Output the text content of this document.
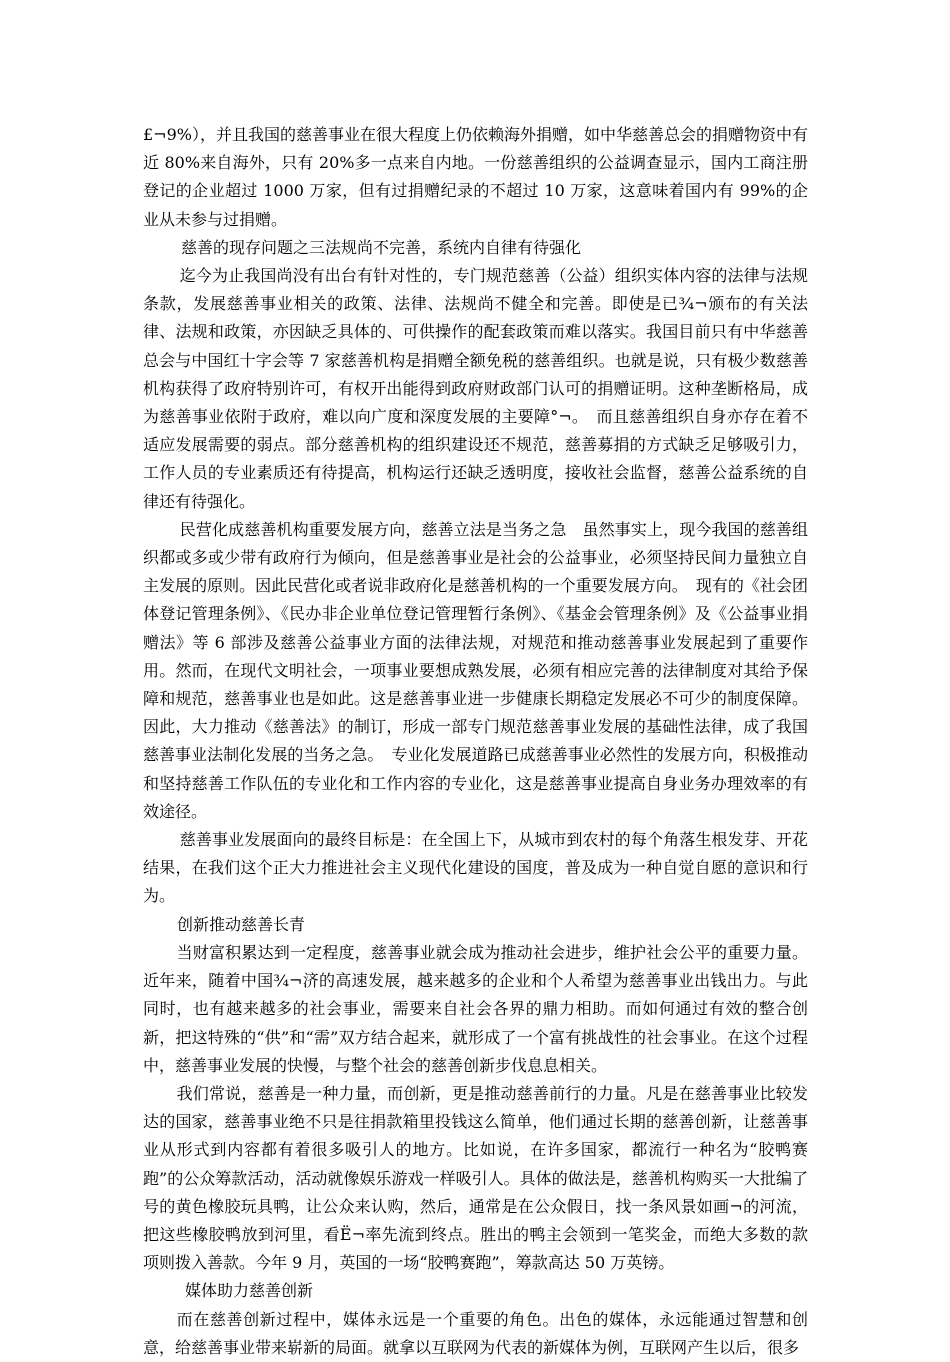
£¬9%），并且我国的慈善事业在很大程度上仍依赖海外捐赠，如中华慈善总会的捐赠物资中有近 80%来自海外，只有 20%多一点来自内地。一份慈善组织的公益调查显示，国内工商注册登记的企业超过 1000 万家，但有过捐赠纪录的不超过 10 万家，这意味着国内有 99%的企业从未参与过捐赠。

慈善的现存问题之三法规尚不完善，系统内自律有待强化

迄今为止我国尚没有出台有针对性的，专门规范慈善（公益）组织实体内容的法律与法规条款，发展慈善事业相关的政策、法律、法规尚不健全和完善。即使是已¾¬颁布的有关法律、法规和政策，亦因缺乏具体的、可供操作的配套政策而难以落实。我国目前只有中华慈善总会与中国红十字会等 7 家慈善机构是捐赠全额免税的慈善组织。也就是说，只有极少数慈善机构获得了政府特别许可，有权开出能得到政府财政部门认可的捐赠证明。这种垄断格局，成为慈善事业依附于政府，难以向广度和深度发展的主要障°¬。　而且慈善组织自身亦存在着不适应发展需要的弱点。部分慈善机构的组织建设还不规范，慈善募捐的方式缺乏足够吸引力，工作人员的专业素质还有待提高，机构运行还缺乏透明度，接收社会监督，慈善公益系统的自律还有待强化。

民营化成慈善机构重要发展方向，慈善立法是当务之急　虽然事实上，现今我国的慈善组织都或多或少带有政府行为倾向，但是慈善事业是社会的公益事业，必须坚持民间力量独立自主发展的原则。因此民营化或者说非政府化是慈善机构的一个重要发展方向。　现有的《社会团体登记管理条例》、《民办非企业单位登记管理暂行条例》、《基金会管理条例》及《公益事业捐赠法》等 6 部涉及慈善公益事业方面的法律法规，对规范和推动慈善事业发展起到了重要作用。然而，在现代文明社会，一项事业要想成熟发展，必须有相应完善的法律制度对其给予保障和规范，慈善事业也是如此。这是慈善事业进一步健康长期稳定发展必不可少的制度保障。因此，大力推动《慈善法》的制订，形成一部专门规范慈善事业发展的基础性法律，成了我国慈善事业法制化发展的当务之急。　专业化发展道路已成慈善事业必然性的发展方向，积极推动和坚持慈善工作队伍的专业化和工作内容的专业化，这是慈善事业提高自身业务办理效率的有效途径。

慈善事业发展面向的最终目标是：在全国上下，从城市到农村的每个角落生根发芽、开花结果，在我们这个正大力推进社会主义现代化建设的国度，普及成为一种自觉自愿的意识和行为。

创新推动慈善长青

当财富积累达到一定程度，慈善事业就会成为推动社会进步，维护社会公平的重要力量。近年来，随着中国¾¬济的高速发展，越来越多的企业和个人希望为慈善事业出钱出力。与此同时，也有越来越多的社会事业，需要来自社会各界的鼎力相助。而如何通过有效的整合创新，把这特殊的“供”和“需”双方结合起来，就形成了一个富有挑战性的社会事业。在这个过程中，慈善事业发展的快慢，与整个社会的慈善创新步伐息息相关。

我们常说，慈善是一种力量，而创新，更是推动慈善前行的力量。凡是在慈善事业比较发达的国家，慈善事业绝不只是往捐款箱里投钱这么简单，他们通过长期的慈善创新，让慈善事业从形式到内容都有着很多吸引人的地方。比如说，在许多国家，都流行一种名为“胶鸭赛跑”的公众筹款活动，活动就像娱乐游戏一样吸引人。具体的做法是，慈善机构购买一大批编了号的黄色橡胶玩具鸭，让公众来认购，然后，通常是在公众假日，找一条风景如画¬的河流，把这些橡胶鸭放到河里，看Ë¬率先流到终点。胜出的鸭主会领到一笔奖金，而绝大多数的款项则拨入善款。今年 9 月，英国的一场“胶鸭赛跑”，筹款高达 50 万英镑。

媒体助力慈善创新

而在慈善创新过程中，媒体永远是一个重要的角色。出色的媒体，永远能通过智慧和创意，给慈善事业带来崭新的局面。就拿以互联网为代表的新媒体为例，互联网产生以后，很多
